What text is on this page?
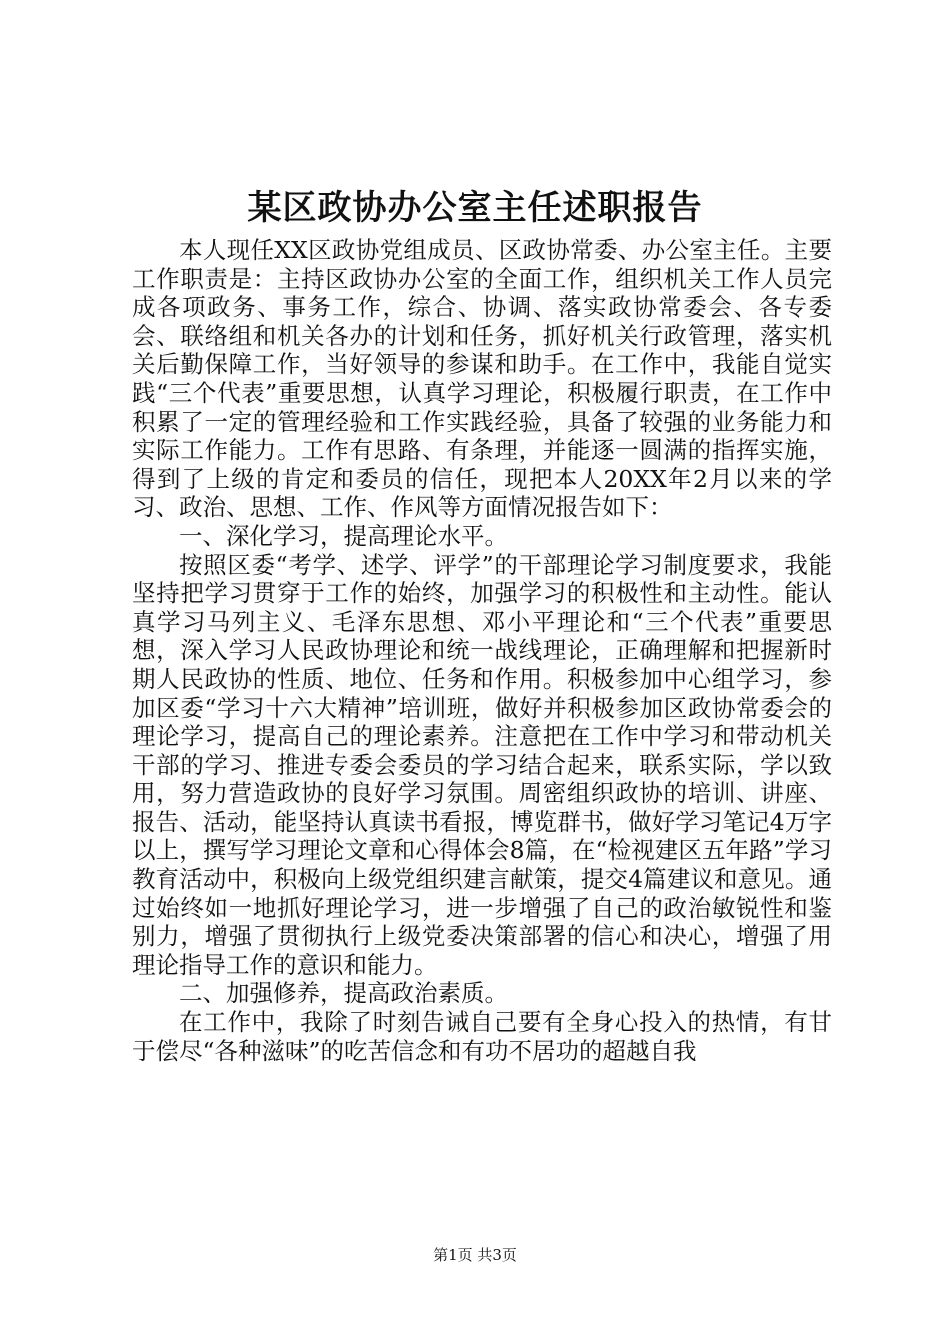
某区政协办公室主任述职报告

本人现任XX区政协党组成员、区政协常委、办公室主任。主要工作职责是：主持区政协办公室的全面工作，组织机关工作人员完成各项政务、事务工作，综合、协调、落实政协常委会、各专委会、联络组和机关各办的计划和任务，抓好机关行政管理，落实机关后勤保障工作，当好领导的参谋和助手。在工作中，我能自觉实践“三个代表”重要思想，认真学习理论，积极履行职责，在工作中积累了一定的管理经验和工作实践经验，具备了较强的业务能力和实际工作能力。工作有思路、有条理，并能逐一圆满的指挥实施，得到了上级的肯定和委员的信任，现把本人20XX年2月以来的学习、政治、思想、工作、作风等方面情况报告如下：

一、深化学习，提高理论水平。

按照区委“考学、述学、评学”的干部理论学习制度要求，我能坚持把学习贯穿于工作的始终，加强学习的积极性和主动性。能认真学习马列主义、毛泽东思想、邓小平理论和“三个代表”重要思想，深入学习人民政协理论和统一战线理论，正确理解和把握新时期人民政协的性质、地位、任务和作用。积极参加中心组学习，参加区委“学习十六大精神”培训班，做好并积极参加区政协常委会的理论学习，提高自己的理论素养。注意把在工作中学习和带动机关干部的学习、推进专委会委员的学习结合起来，联系实际，学以致用，努力营造政协的良好学习氛围。周密组织政协的培训、讲座、报告、活动，能坚持认真读书看报，博览群书，做好学习笔记4万字以上，撰写学习理论文章和心得体会8篇，在“检视建区五年路”学习教育活动中，积极向上级党组织建言献策，提交4篇建议和意见。通过始终如一地抓好理论学习，进一步增强了自己的政治敏锐性和鉴别力，增强了贯彻执行上级党委决策部署的信心和决心，增强了用理论指导工作的意识和能力。

二、加强修养，提高政治素质。

在工作中，我除了时刻告诫自己要有全身心投入的热情，有甘于偿尽“各种滋味”的吃苦信念和有功不居功的超越自我

第1页 共3页
